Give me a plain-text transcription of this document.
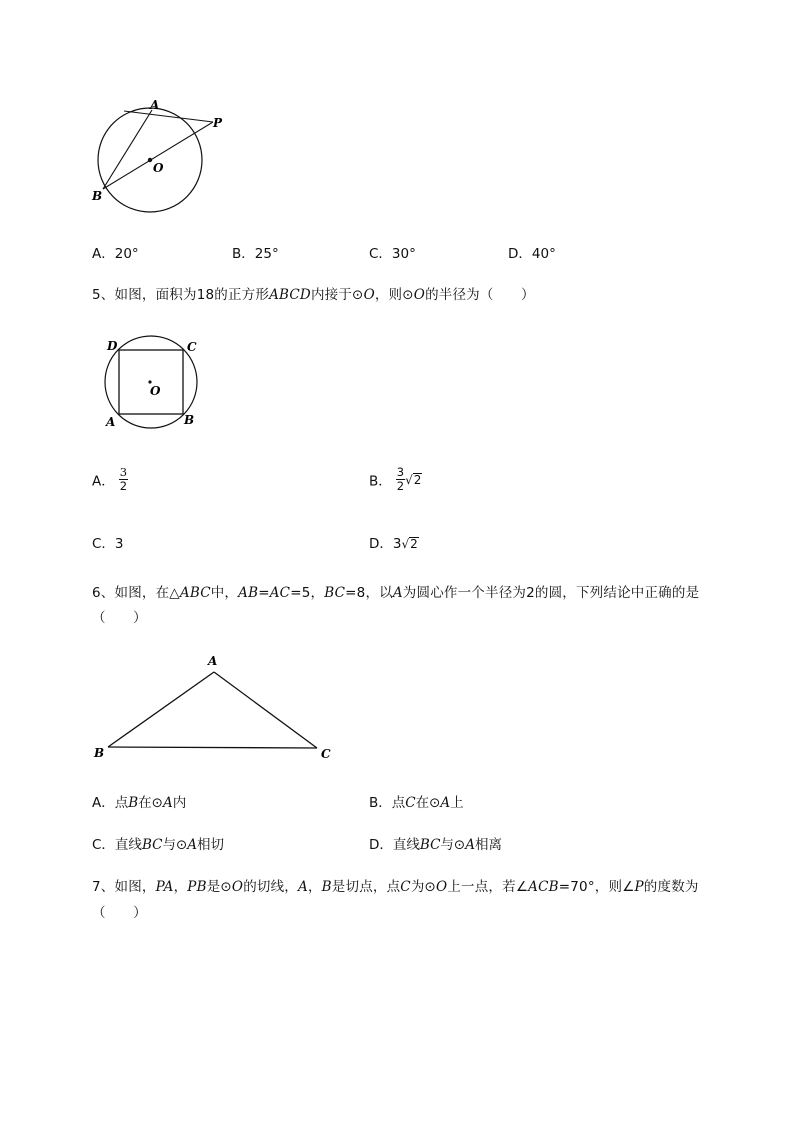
A
P
O
B
A．20°	B．25°	C．30°	D．40°
5、如图，面积为18的正方形ABCD内接于⊙O，则⊙O的半径为（　　）
D	C
O
A	B
A． $\frac{3}{2}$	B． $\frac{3}{2} √2$
C．3	D．3√2
6、如图，在△ABC中，AB=AC=5，BC=8，以A为圆心作一个半径为2的圆，下列结论中正确的是
（　　）
A
B	C
A．点B在⊙A内	B．点C在⊙A上
C．直线BC与⊙A相切	D．直线BC与⊙A相离
7、如图，PA，PB是⊙O的切线，A，B是切点，点C为⊙O上一点，若∠ACB=70°，则∠P的度数为
（　　）
